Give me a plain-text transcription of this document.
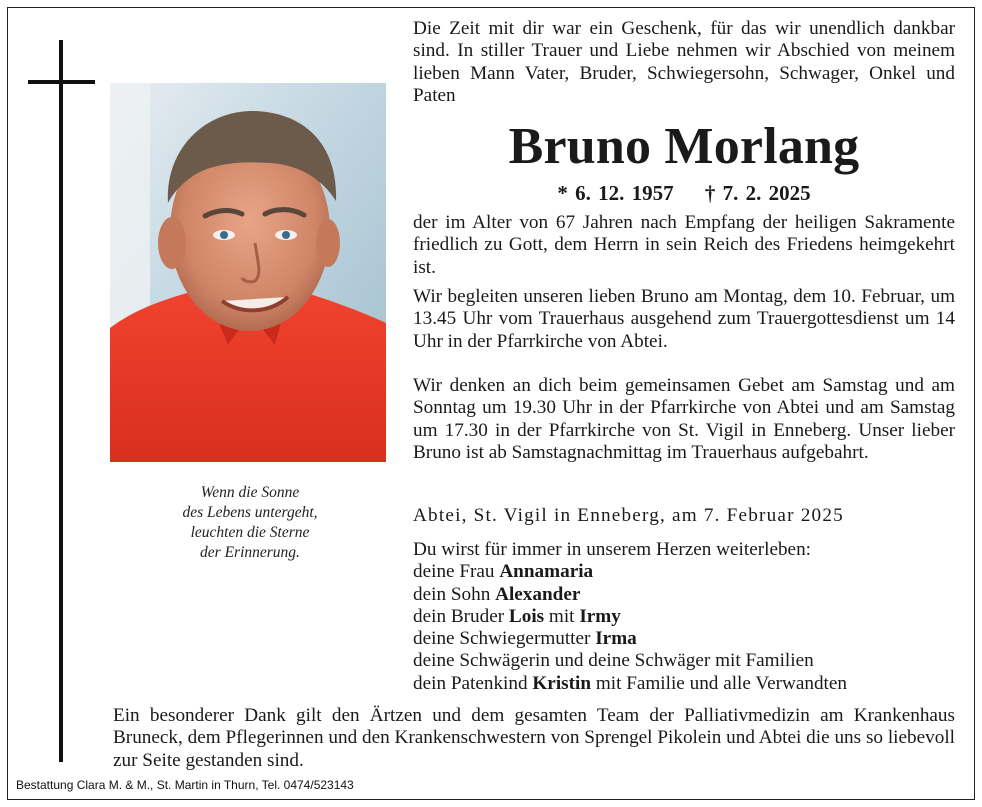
Wenn die Sonne
des Lebens untergeht,
leuchten die Sterne
der Erinnerung.

Die Zeit mit dir war ein Geschenk, für das wir unendlich dankbar sind. In stiller Trauer und Liebe nehmen wir Abschied von meinem lieben Mann Vater, Bruder, Schwiegersohn, Schwager, Onkel und Paten

Bruno Morlang
* 6. 12. 1957 † 7. 2. 2025

der im Alter von 67 Jahren nach Empfang der heiligen Sakramente friedlich zu Gott, dem Herrn in sein Reich des Friedens heimgekehrt ist.

Wir begleiten unseren lieben Bruno am Montag, dem 10. Februar, um 13.45 Uhr vom Trauerhaus ausgehend zum Trauergottesdienst um 14 Uhr in der Pfarrkirche von Abtei.

Wir denken an dich beim gemeinsamen Gebet am Samstag und am Sonntag um 19.30 Uhr in der Pfarrkirche von Abtei und am Samstag um 17.30 in der Pfarrkirche von St. Vigil in Enneberg. Unser lieber Bruno ist ab Samstagnachmittag im Trauerhaus aufgebahrt.

Abtei, St. Vigil in Enneberg, am 7. Februar 2025
Du wirst für immer in unserem Herzen weiterleben:
deine Frau Annamaria
dein Sohn Alexander
dein Bruder Lois mit Irmy
deine Schwiegermutter Irma
deine Schwägerin und deine Schwäger mit Familien
dein Patenkind Kristin mit Familie und alle Verwandten
Ein besonderer Dank gilt den Ärtzen und dem gesamten Team der Palliativmedizin am Krankenhaus Bruneck, dem Pflegerinnen und den Krankenschwestern von Sprengel Pikolein und Abtei die uns so liebevoll zur Seite gestanden sind.
Bestattung Clara M. & M., St. Martin in Thurn, Tel. 0474/523143
